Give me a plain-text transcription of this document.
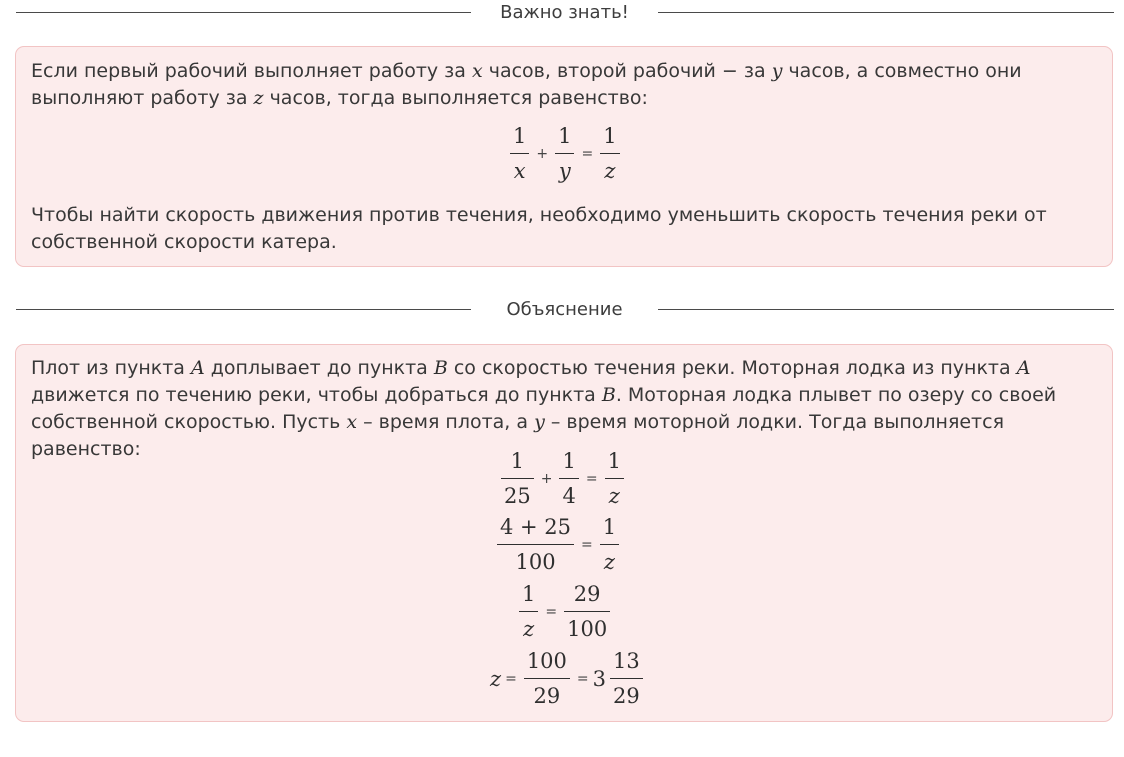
Важно знать!
Если первый рабочий выполняет работу за x часов, второй рабочий − за y часов, а совместно они выполняют работу за z часов, тогда выполняется равенство:
$\frac{1}{x} + \frac{1}{y} = \frac{1}{z}$
Чтобы найти скорость движения против течения, необходимо уменьшить скорость течения реки от собственной скорости катера.
Объяснение
Плот из пункта A доплывает до пункта B со скоростью течения реки. Моторная лодка из пункта A движется по течению реки, чтобы добраться до пункта B. Моторная лодка плывет по озеру со своей собственной скоростью. Пусть x – время плота, а y – время моторной лодки. Тогда выполняется равенство:	$\frac{1}{25} + \frac{1}{4} = \frac{1}{z}$
$\frac{4 + 25}{100} = \frac{1}{z}$
$\frac{1}{z} = \frac{29}{100}$
$z = \frac{100}{29} = 3 \frac{13}{29}$
